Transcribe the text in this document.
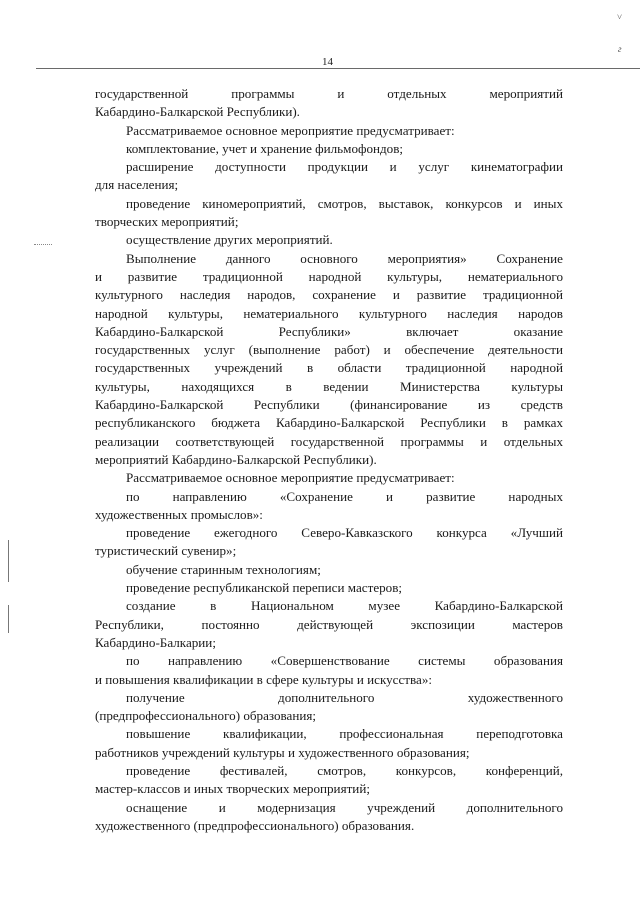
˅
г
14
государственной программы и отдельных мероприятий
Кабардино-Балкарской Республики).
Рассматриваемое основное мероприятие предусматривает:
комплектование, учет и хранение фильмофондов;
расширение доступности продукции и услуг кинематографии
для населения;
проведение киномероприятий, смотров, выставок, конкурсов и иных
творческих мероприятий;
осуществление других мероприятий.
Выполнение данного основного мероприятия» Сохранение
и развитие традиционной народной культуры, нематериального
культурного наследия народов, сохранение и развитие традиционной
народной культуры, нематериального культурного наследия народов
Кабардино-Балкарской Республики» включает оказание
государственных услуг (выполнение работ) и обеспечение деятельности
государственных учреждений в области традиционной народной
культуры, находящихся в ведении Министерства культуры
Кабардино-Балкарской Республики (финансирование из средств
республиканского бюджета Кабардино-Балкарской Республики в рамках
реализации соответствующей государственной программы и отдельных
мероприятий Кабардино-Балкарской Республики).
Рассматриваемое основное мероприятие предусматривает:
по направлению «Сохранение и развитие народных
художественных промыслов»:
проведение ежегодного Северо-Кавказского конкурса «Лучший
туристический сувенир»;
обучение старинным технологиям;
проведение республиканской переписи мастеров;
создание в Национальном музее Кабардино-Балкарской
Республики, постоянно действующей экспозиции мастеров
Кабардино-Балкарии;
по направлению «Совершенствование системы образования
и повышения квалификации в сфере культуры и искусства»:
получение дополнительного художественного
(предпрофессионального) образования;
повышение квалификации, профессиональная переподготовка
работников учреждений культуры и художественного образования;
проведение фестивалей, смотров, конкурсов, конференций,
мастер-классов и иных творческих мероприятий;
оснащение и модернизация учреждений дополнительного
художественного (предпрофессионального) образования.
